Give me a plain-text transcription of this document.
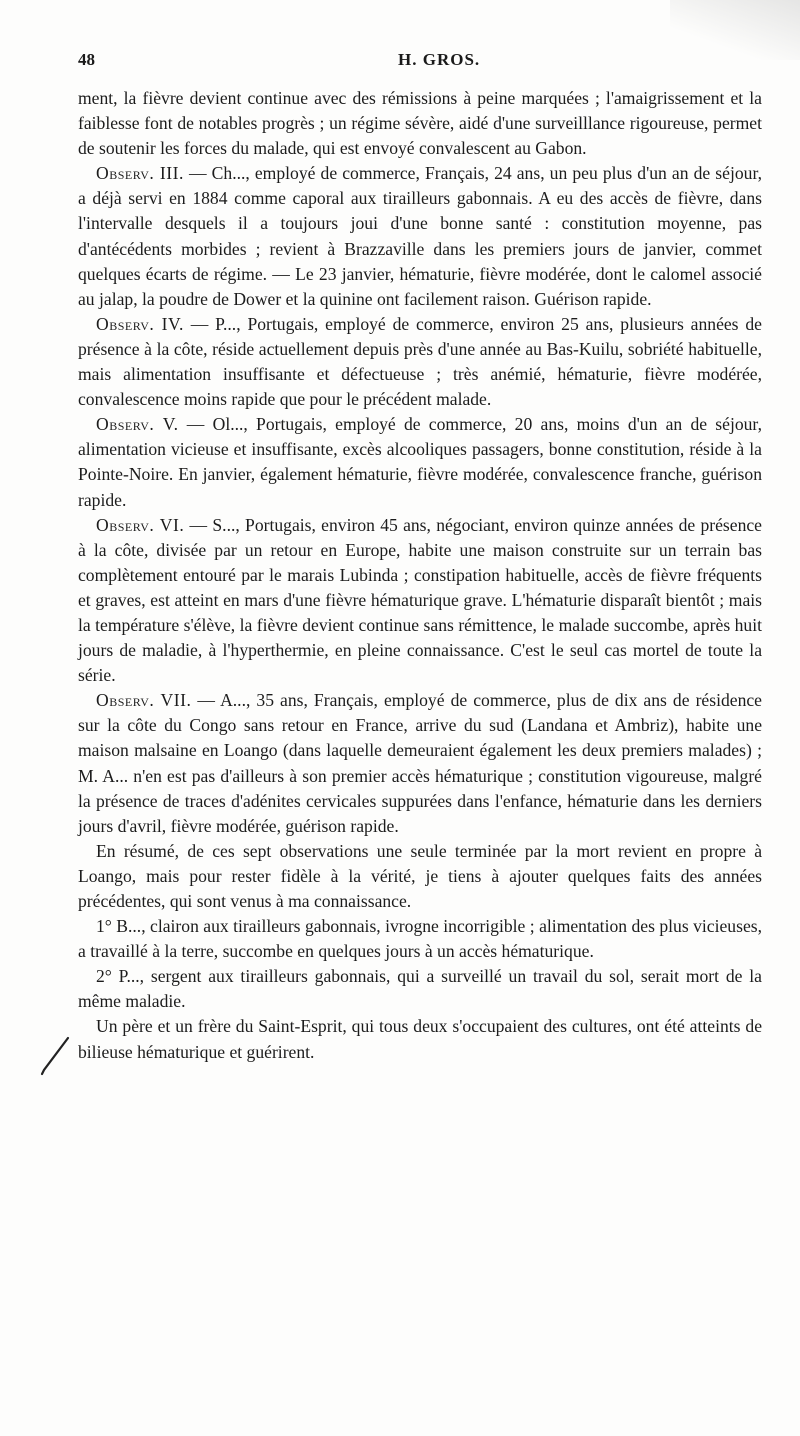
48	H. GROS.

ment, la fièvre devient continue avec des rémissions à peine marquées ; l'amaigrissement et la faiblesse font de notables progrès ; un régime sévère, aidé d'une surveilllance rigoureuse, permet de soutenir les forces du malade, qui est envoyé convalescent au Gabon.

Observ. III. — Ch..., employé de commerce, Français, 24 ans, un peu plus d'un an de séjour, a déjà servi en 1884 comme caporal aux tirailleurs gabonnais. A eu des accès de fièvre, dans l'intervalle desquels il a toujours joui d'une bonne santé : constitution moyenne, pas d'antécédents morbides ; revient à Brazzaville dans les premiers jours de janvier, commet quelques écarts de régime. — Le 23 janvier, hématurie, fièvre modérée, dont le calomel associé au jalap, la poudre de Dower et la quinine ont facilement raison. Guérison rapide.

Observ. IV. — P..., Portugais, employé de commerce, environ 25 ans, plusieurs années de présence à la côte, réside actuellement depuis près d'une année au Bas-Kuilu, sobriété habituelle, mais alimentation insuffisante et défectueuse ; très anémié, hématurie, fièvre modérée, convalescence moins rapide que pour le précédent malade.

Observ. V. — Ol..., Portugais, employé de commerce, 20 ans, moins d'un an de séjour, alimentation vicieuse et insuffisante, excès alcooliques passagers, bonne constitution, réside à la Pointe-Noire. En janvier, également hématurie, fièvre modérée, convalescence franche, guérison rapide.

Observ. VI. — S..., Portugais, environ 45 ans, négociant, environ quinze années de présence à la côte, divisée par un retour en Europe, habite une maison construite sur un terrain bas complètement entouré par le marais Lubinda ; constipation habituelle, accès de fièvre fréquents et graves, est atteint en mars d'une fièvre hématurique grave. L'hématurie disparaît bientôt ; mais la température s'élève, la fièvre devient continue sans rémittence, le malade succombe, après huit jours de maladie, à l'hyperthermie, en pleine connaissance. C'est le seul cas mortel de toute la série.

Observ. VII. — A..., 35 ans, Français, employé de commerce, plus de dix ans de résidence sur la côte du Congo sans retour en France, arrive du sud (Landana et Ambriz), habite une maison malsaine en Loango (dans laquelle demeuraient également les deux premiers malades) ; M. A... n'en est pas d'ailleurs à son premier accès hématurique ; constitution vigoureuse, malgré la présence de traces d'adénites cervicales suppurées dans l'enfance, hématurie dans les derniers jours d'avril, fièvre modérée, guérison rapide.

En résumé, de ces sept observations une seule terminée par la mort revient en propre à Loango, mais pour rester fidèle à la vérité, je tiens à ajouter quelques faits des années précédentes, qui sont venus à ma connaissance.

1° B..., clairon aux tirailleurs gabonnais, ivrogne incorrigible ; alimentation des plus vicieuses, a travaillé à la terre, succombe en quelques jours à un accès hématurique.

2° P..., sergent aux tirailleurs gabonnais, qui a surveillé un travail du sol, serait mort de la même maladie.

Un père et un frère du Saint-Esprit, qui tous deux s'occupaient des cultures, ont été atteints de bilieuse hématurique et guérirent.
